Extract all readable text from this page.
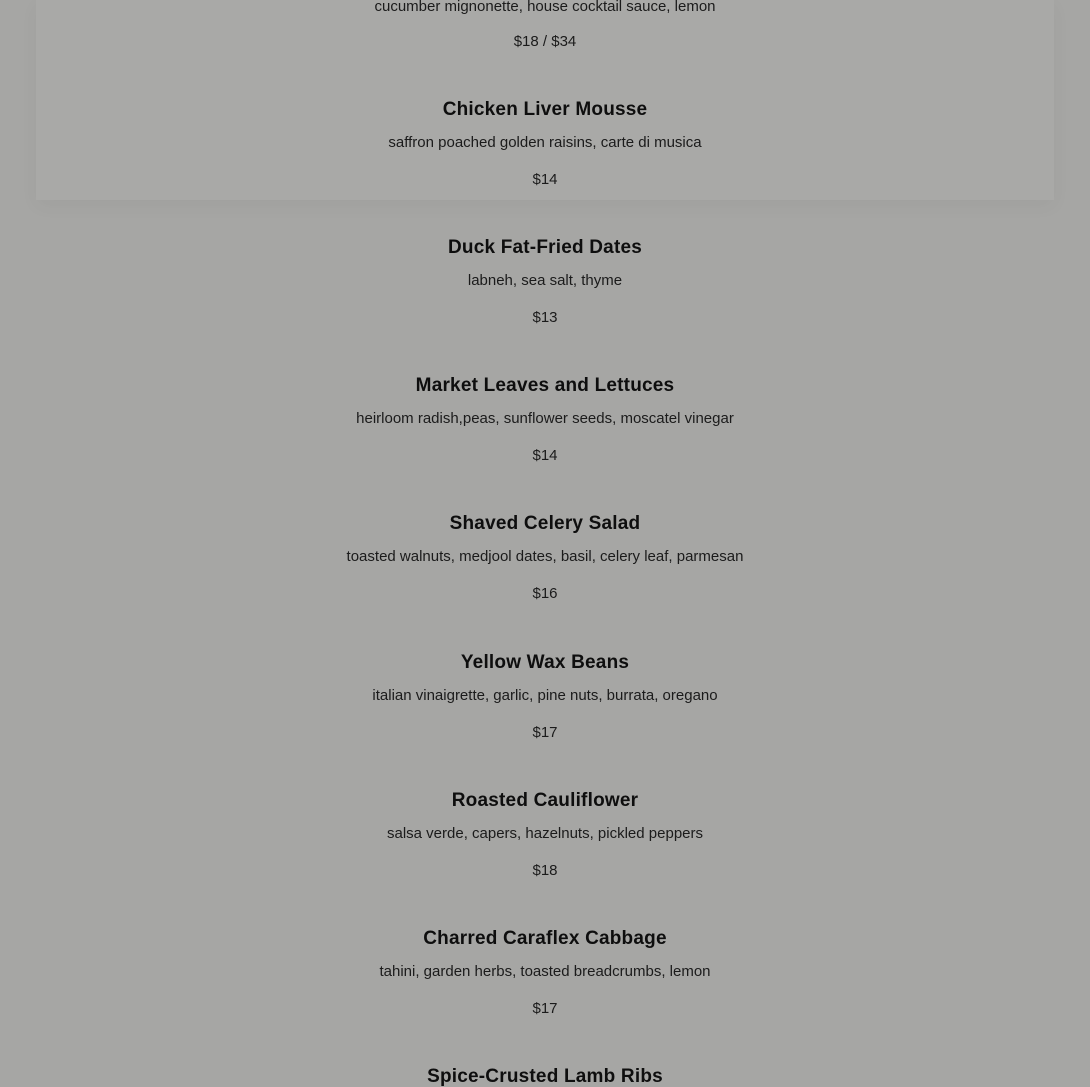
cucumber mignonette, house cocktail sauce, lemon
$18 / $34
Chicken Liver Mousse
saffron poached golden raisins, carte di musica
$14
Duck Fat-Fried Dates
labneh, sea salt, thyme
$13
Market Leaves and Lettuces
heirloom radish,peas, sunflower seeds, moscatel vinegar
$14
Shaved Celery Salad
toasted walnuts, medjool dates, basil, celery leaf, parmesan
$16
Yellow Wax Beans
italian vinaigrette, garlic, pine nuts, burrata, oregano
$17
Roasted Cauliflower
salsa verde, capers, hazelnuts, pickled peppers
$18
Charred Caraflex Cabbage
tahini, garden herbs, toasted breadcrumbs, lemon
$17
Spice-Crusted Lamb Ribs
